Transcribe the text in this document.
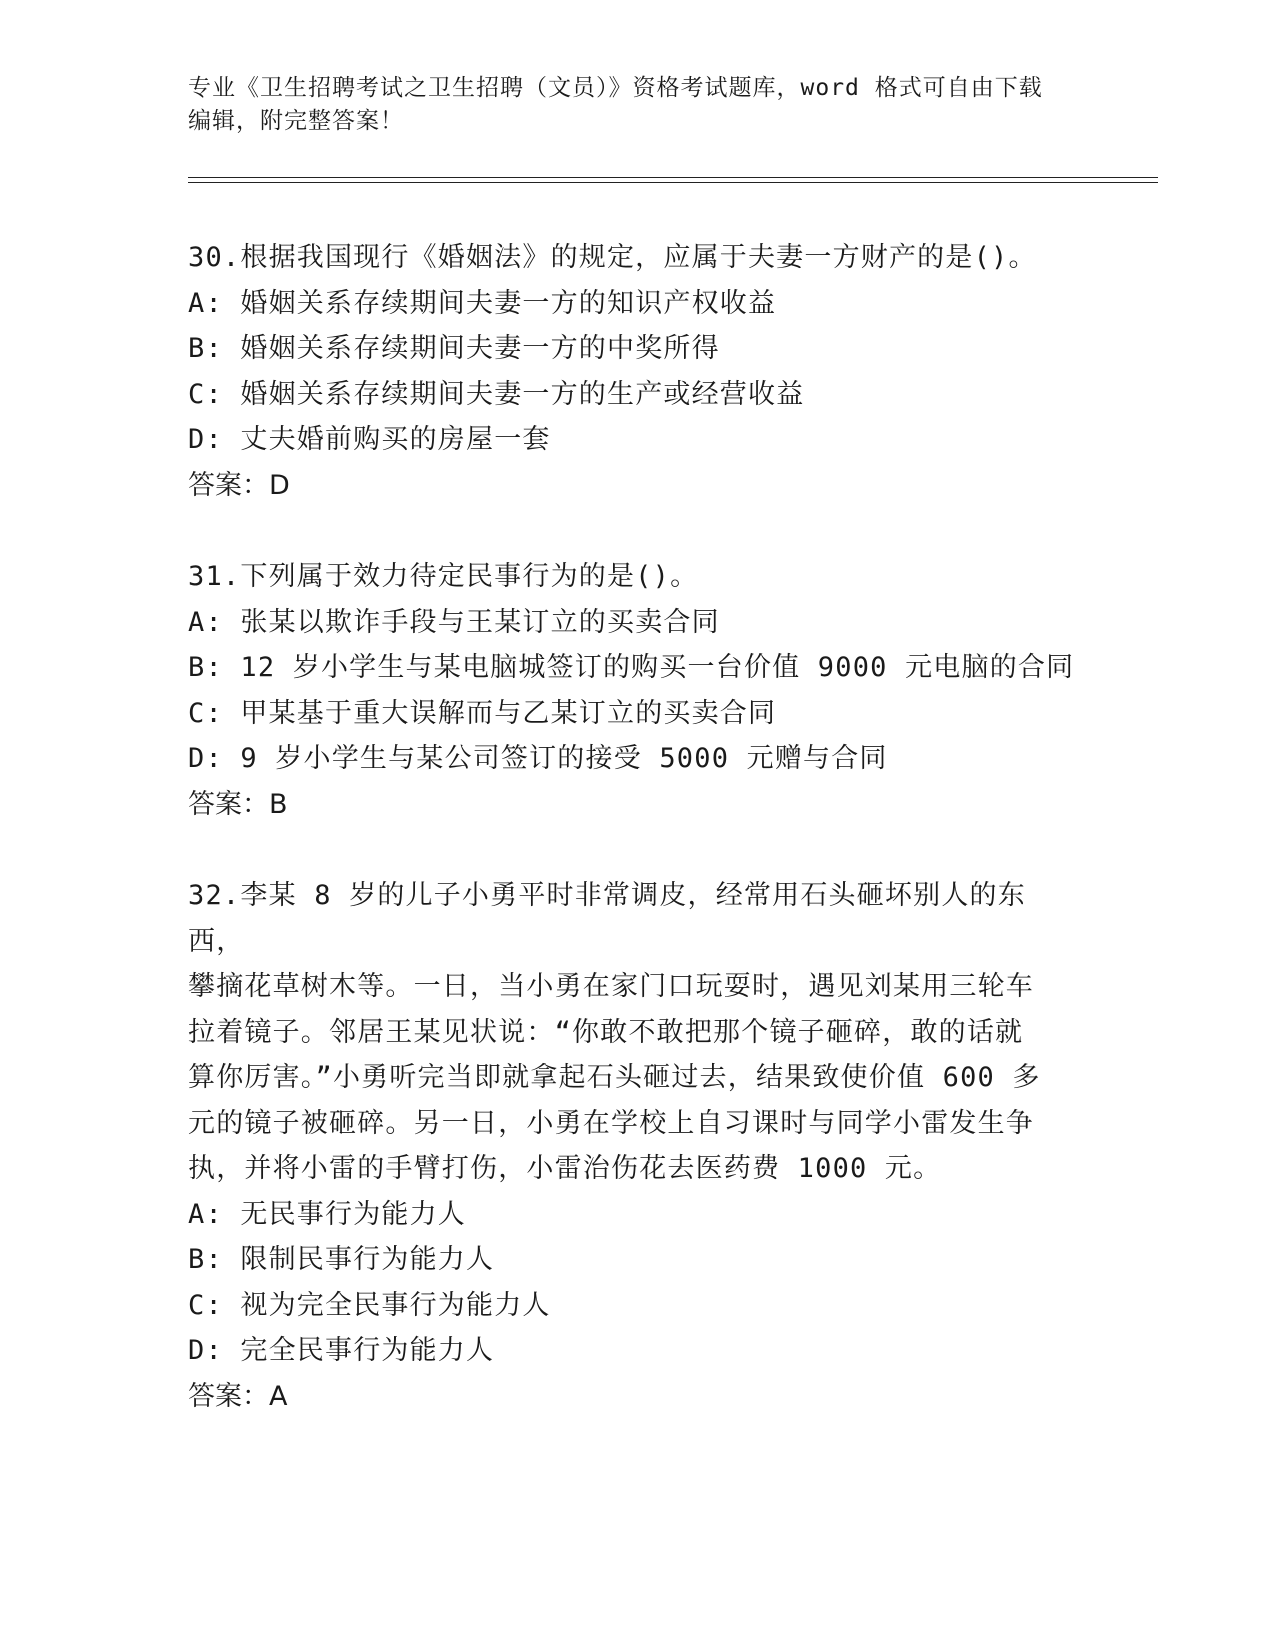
专业《卫生招聘考试之卫生招聘（文员）》资格考试题库，word 格式可自由下载
编辑，附完整答案！
30.根据我国现行《婚姻法》的规定，应属于夫妻一方财产的是()。
A: 婚姻关系存续期间夫妻一方的知识产权收益
B: 婚姻关系存续期间夫妻一方的中奖所得
C: 婚姻关系存续期间夫妻一方的生产或经营收益
D: 丈夫婚前购买的房屋一套
答案：D
31.下列属于效力待定民事行为的是()。
A: 张某以欺诈手段与王某订立的买卖合同
B: 12 岁小学生与某电脑城签订的购买一台价值 9000 元电脑的合同
C: 甲某基于重大误解而与乙某订立的买卖合同
D: 9 岁小学生与某公司签订的接受 5000 元赠与合同
答案：B
32.李某 8 岁的儿子小勇平时非常调皮，经常用石头砸坏别人的东西，
攀摘花草树木等。一日，当小勇在家门口玩耍时，遇见刘某用三轮车
拉着镜子。邻居王某见状说：“你敢不敢把那个镜子砸碎，敢的话就
算你厉害。”小勇听完当即就拿起石头砸过去，结果致使价值 600 多
元的镜子被砸碎。另一日，小勇在学校上自习课时与同学小雷发生争
执，并将小雷的手臂打伤，小雷治伤花去医药费 1000 元。
A: 无民事行为能力人
B: 限制民事行为能力人
C: 视为完全民事行为能力人
D: 完全民事行为能力人
答案：A
